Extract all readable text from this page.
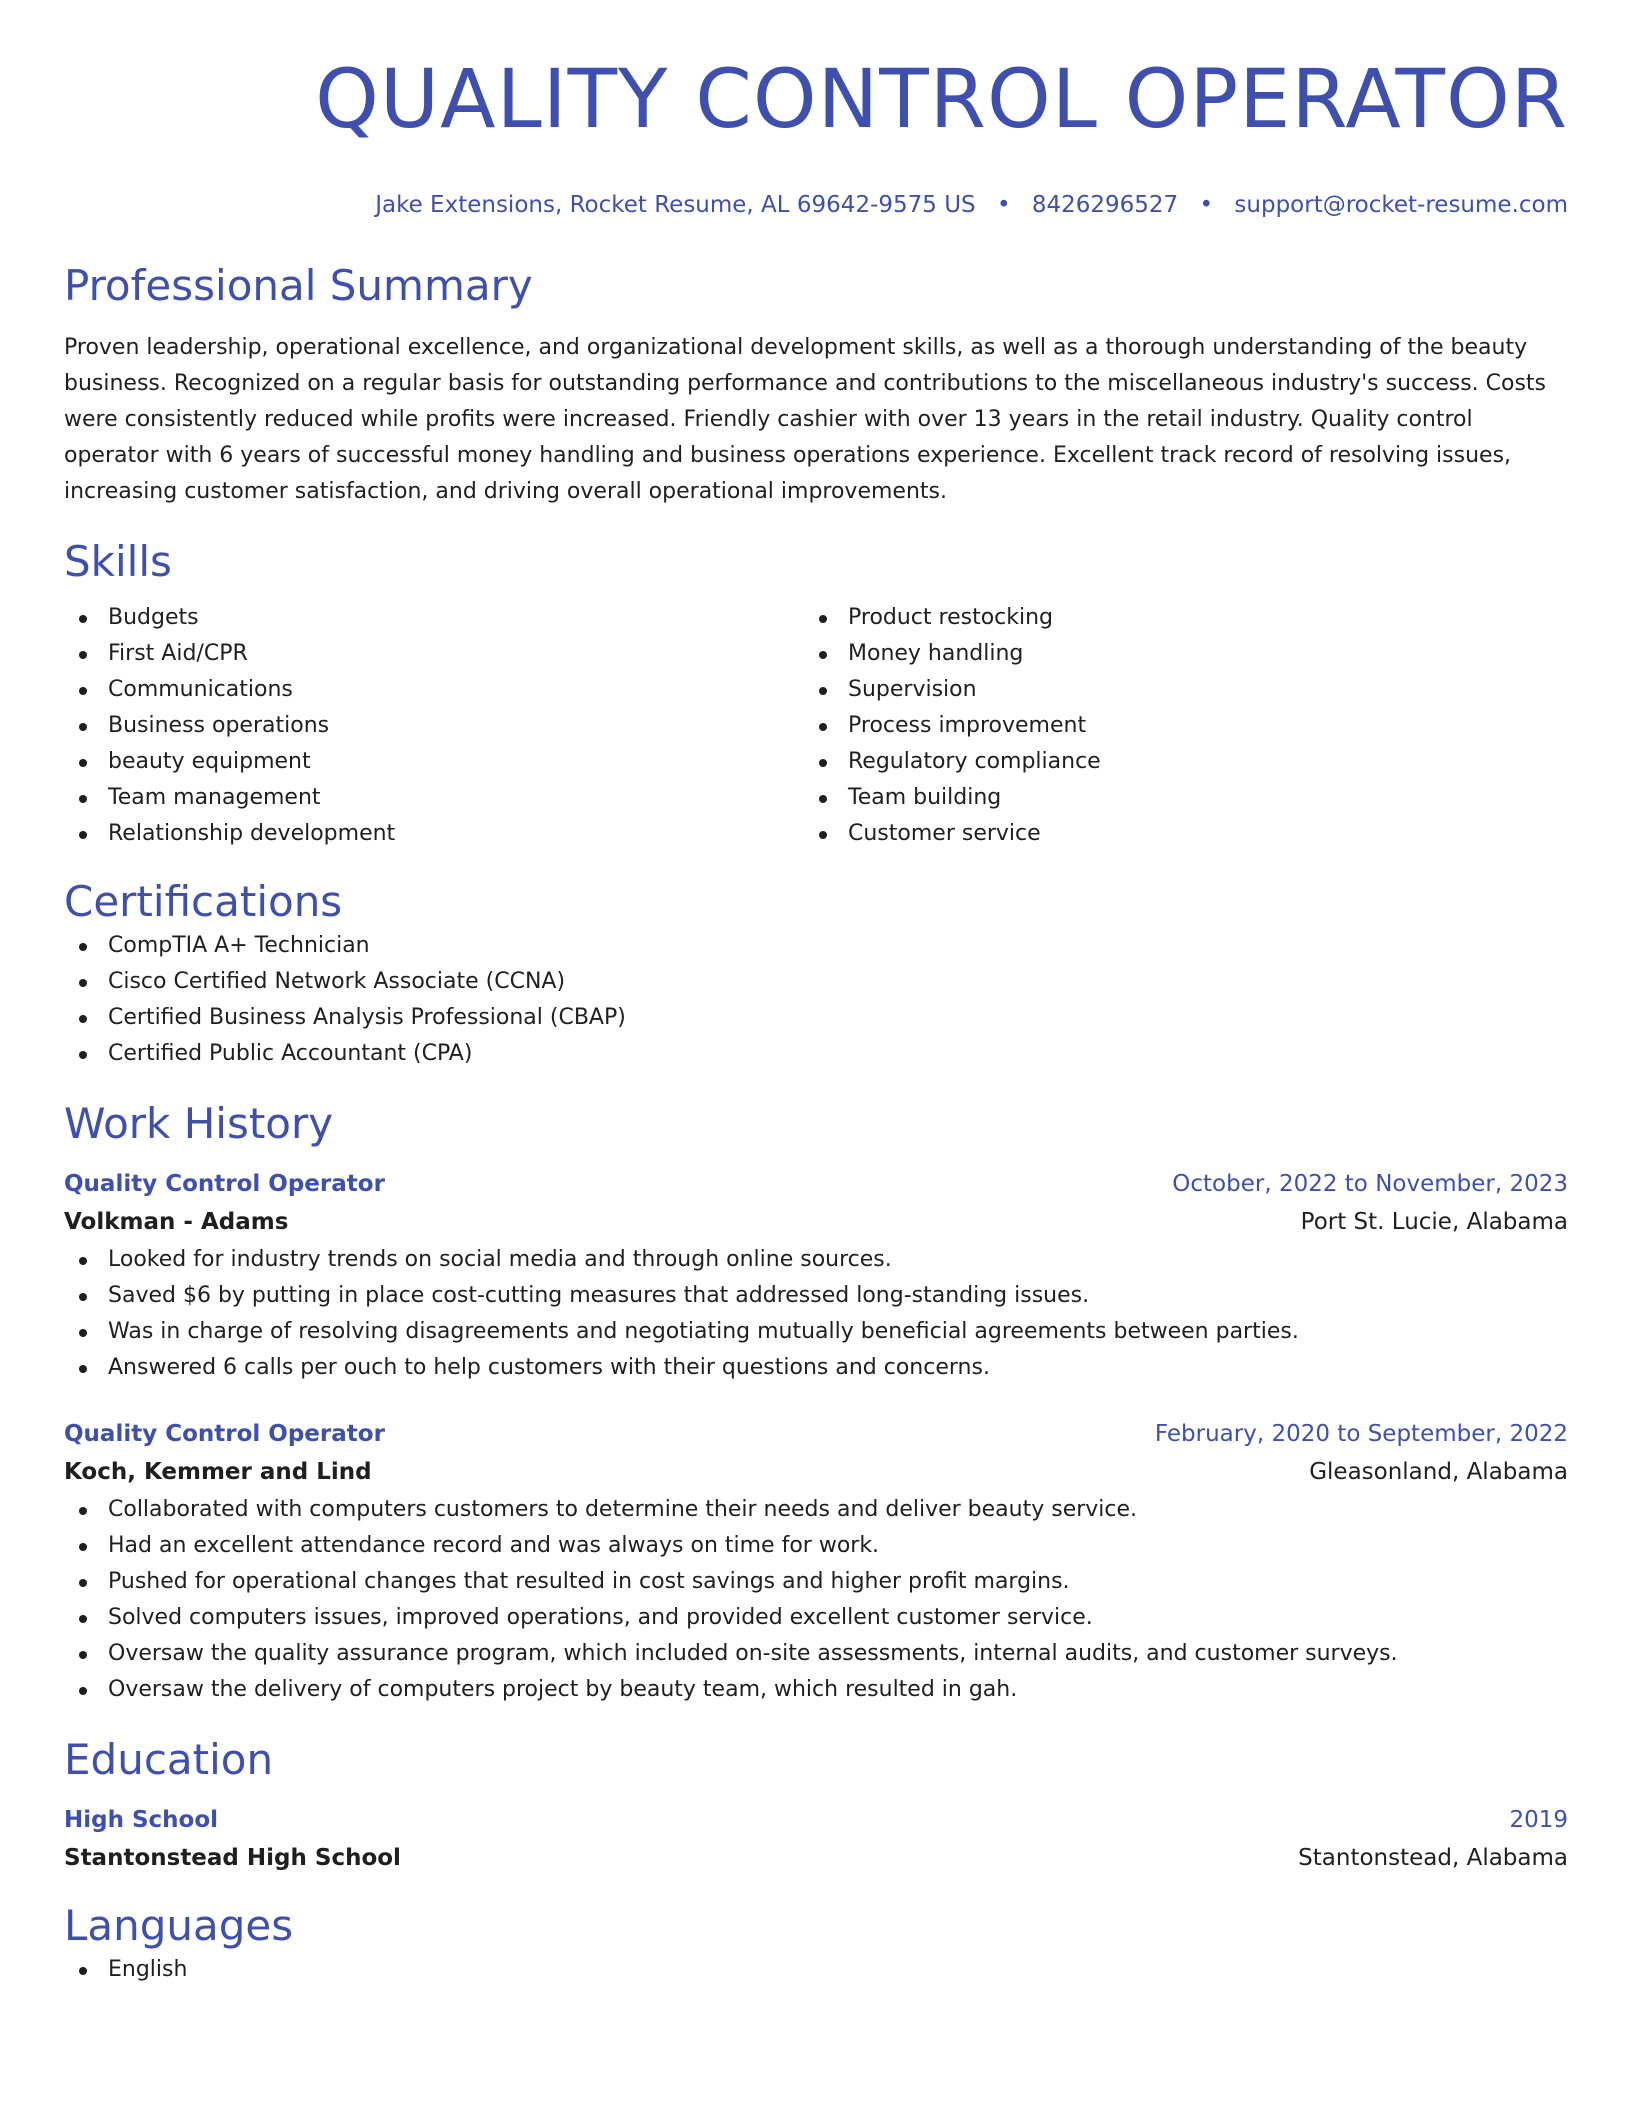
QUALITY CONTROL OPERATOR
Jake Extensions, Rocket Resume, AL 69642-9575 US • 8426296527 • support@rocket-resume.com
Professional Summary

Proven leadership, operational excellence, and organizational development skills, as well as a thorough understanding of the beauty business. Recognized on a regular basis for outstanding performance and contributions to the miscellaneous industry's success. Costs were consistently reduced while profits were increased. Friendly cashier with over 13 years in the retail industry. Quality control operator with 6 years of successful money handling and business operations experience. Excellent track record of resolving issues, increasing customer satisfaction, and driving overall operational improvements.

Skills
Budgets
First Aid/CPR
Communications
Business operations
beauty equipment
Team management
Relationship development
Product restocking
Money handling
Supervision
Process improvement
Regulatory compliance
Team building
Customer service
Certifications
CompTIA A+ Technician
Cisco Certified Network Associate (CCNA)
Certified Business Analysis Professional (CBAP)
Certified Public Accountant (CPA)
Work History
Quality Control Operator	October, 2022 to November, 2023
Volkman - Adams	Port St. Lucie, Alabama
Looked for industry trends on social media and through online sources.
Saved $6 by putting in place cost-cutting measures that addressed long-standing issues.
Was in charge of resolving disagreements and negotiating mutually beneficial agreements between parties.
Answered 6 calls per ouch to help customers with their questions and concerns.
Quality Control Operator	February, 2020 to September, 2022
Koch, Kemmer and Lind	Gleasonland, Alabama
Collaborated with computers customers to determine their needs and deliver beauty service.
Had an excellent attendance record and was always on time for work.
Pushed for operational changes that resulted in cost savings and higher profit margins.
Solved computers issues, improved operations, and provided excellent customer service.
Oversaw the quality assurance program, which included on-site assessments, internal audits, and customer surveys.
Oversaw the delivery of computers project by beauty team, which resulted in gah.
Education
High School	2019
Stantonstead High School	Stantonstead, Alabama
Languages
English
